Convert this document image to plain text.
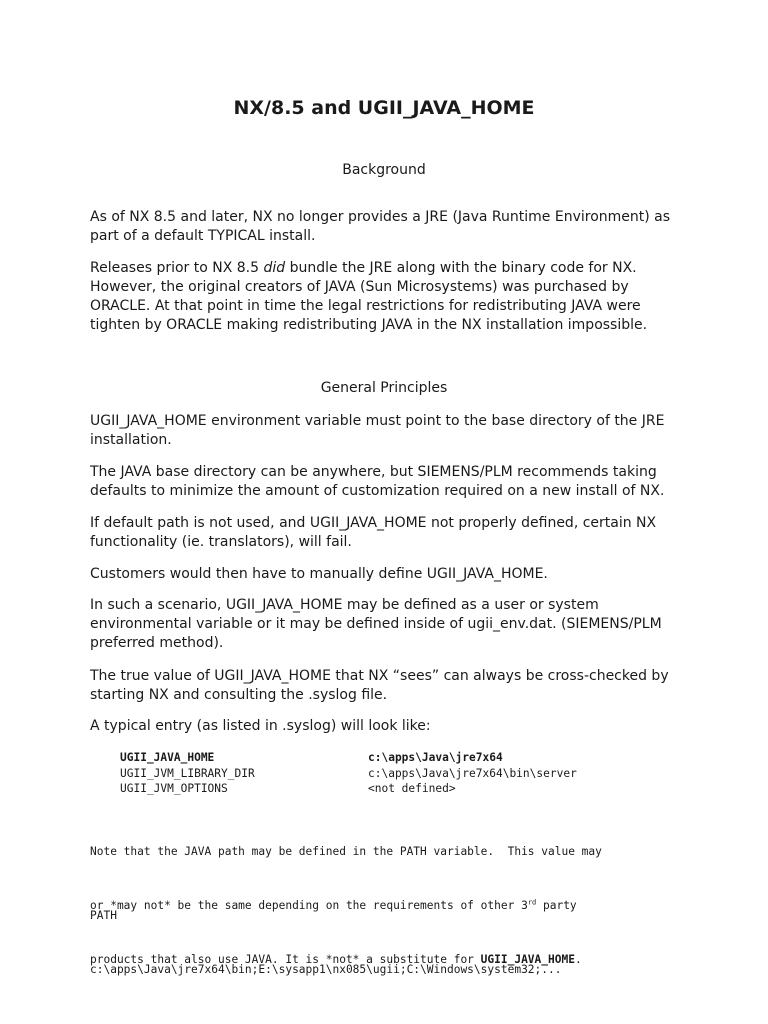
NX/8.5 and UGII_JAVA_HOME

Background

As of NX 8.5 and later, NX no longer provides a JRE (Java Runtime Environment) as part of a default TYPICAL install.

Releases prior to NX 8.5 did bundle the JRE along with the binary code for NX. However, the original creators of JAVA (Sun Microsystems) was purchased by ORACLE. At that point in time the legal restrictions for redistributing JAVA were tighten by ORACLE making redistributing JAVA in the NX installation impossible.

General Principles

UGII_JAVA_HOME environment variable must point to the base directory of the JRE installation.

The JAVA base directory can be anywhere, but SIEMENS/PLM recommends taking defaults to minimize the amount of customization required on a new install of NX.

If default path is not used, and UGII_JAVA_HOME not properly defined, certain NX functionality (ie. translators), will fail.

Customers would then have to manually define UGII_JAVA_HOME.

In such a scenario, UGII_JAVA_HOME may be defined as a user or system environmental variable or it may be defined inside of ugii_env.dat. (SIEMENS/PLM preferred method).

The true value of UGII_JAVA_HOME that NX “sees” can always be cross-checked by starting NX and consulting the .syslog file.

A typical entry (as listed in .syslog) will look like:

UGII_JAVA_HOME	c:\apps\Java\jre7x64
UGII_JVM_LIBRARY_DIR	c:\apps\Java\jre7x64\bin\server
UGII_JVM_OPTIONS	<not defined>

Note that the JAVA path may be defined in the PATH variable.  This value may

or *may not* be the same depending on the requirements of other 3rd party

products that also use JAVA. It is *not* a substitute for UGII_JAVA_HOME.

PATH

c:\apps\Java\jre7x64\bin;E:\sysapp1\nx085\ugii;C:\Windows\system32;...
